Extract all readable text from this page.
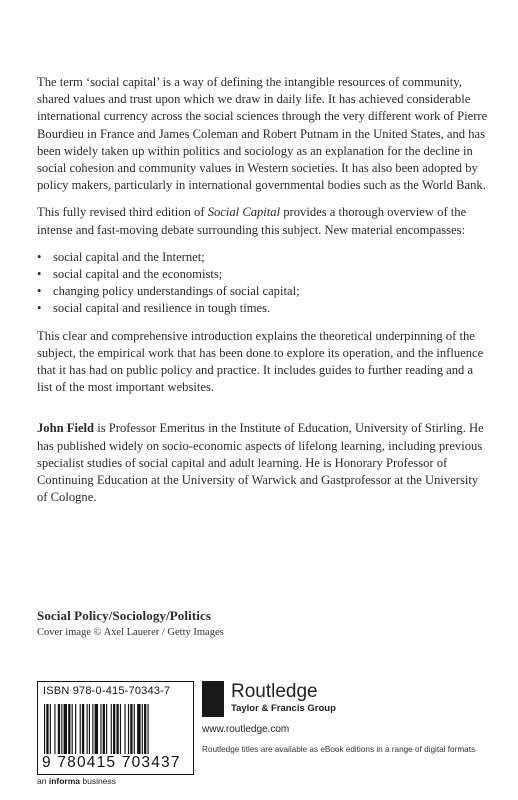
The term ‘social capital’ is a way of defining the intangible resources of community, shared values and trust upon which we draw in daily life. It has achieved considerable international currency across the social sciences through the very different work of Pierre Bourdieu in France and James Coleman and Robert Putnam in the United States, and has been widely taken up within politics and sociology as an explanation for the decline in social cohesion and community values in Western societies. It has also been adopted by policy makers, particularly in international governmental bodies such as the World Bank.

This fully revised third edition of Social Capital provides a thorough overview of the intense and fast-moving debate surrounding this subject. New material encompasses:

• social capital and the Internet;
• social capital and the economists;
• changing policy understandings of social capital;
• social capital and resilience in tough times.

This clear and comprehensive introduction explains the theoretical underpinning of the subject, the empirical work that has been done to explore its operation, and the influence that it has had on public policy and practice. It includes guides to further reading and a list of the most important websites.

John Field is Professor Emeritus in the Institute of Education, University of Stirling. He has published widely on socio-economic aspects of lifelong learning, including previous specialist studies of social capital and adult learning. He is Honorary Professor of Continuing Education at the University of Warwick and Gastprofessor at the University of Cologne.

Social Policy/Sociology/Politics
Cover image © Axel Lauerer / Getty Images
ISBN 978-0-415-70343-7
9 780415 703437
an informa business
ROUTLEDGE Routledge
Taylor & Francis Group
www.routledge.com
Routledge titles are available as eBook editions in a range of digital formats
